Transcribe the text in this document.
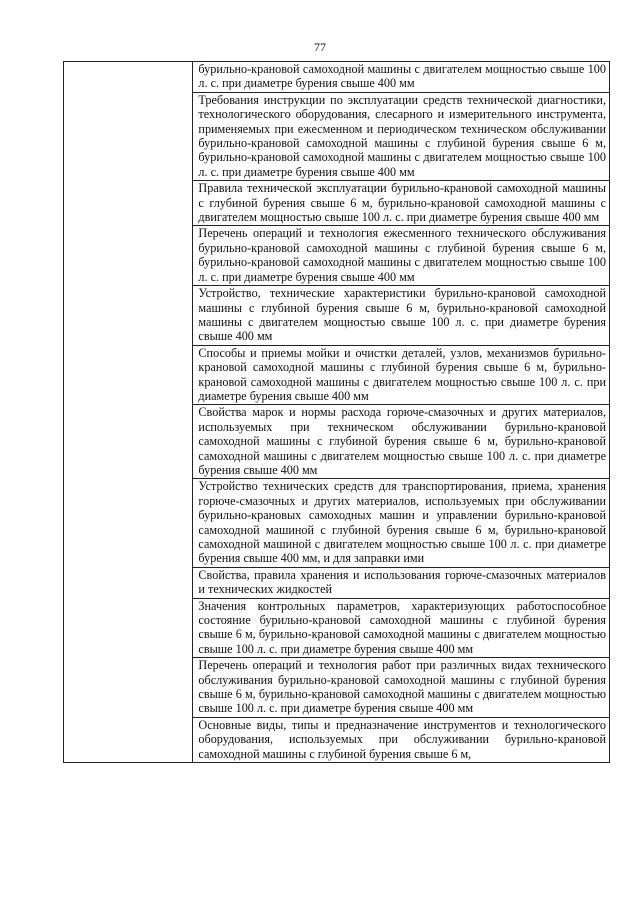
77
	бурильно-крановой самоходной машины с двигателем мощностью свыше 100 л. с. при диаметре бурения свыше 400 мм
Требования инструкции по эксплуатации средств технической диагностики, технологического оборудования, слесарного и измерительного инструмента, применяемых при ежесменном и периодическом техническом обслуживании бурильно-крановой самоходной машины с глубиной бурения свыше 6 м, бурильно-крановой самоходной машины с двигателем мощностью свыше 100 л. с. при диаметре бурения свыше 400 мм
Правила технической эксплуатации бурильно-крановой самоходной машины с глубиной бурения свыше 6 м, бурильно-крановой самоходной машины с двигателем мощностью свыше 100 л. с. при диаметре бурения свыше 400 мм
Перечень операций и технология ежесменного технического обслуживания бурильно-крановой самоходной машины с глубиной бурения свыше 6 м, бурильно-крановой самоходной машины с двигателем мощностью свыше 100 л. с. при диаметре бурения свыше 400 мм
Устройство, технические характеристики бурильно-крановой самоходной машины с глубиной бурения свыше 6 м, бурильно-крановой самоходной машины с двигателем мощностью свыше 100 л. с. при диаметре бурения свыше 400 мм
Способы и приемы мойки и очистки деталей, узлов, механизмов бурильно-крановой самоходной машины с глубиной бурения свыше 6 м, бурильно-крановой самоходной машины с двигателем мощностью свыше 100 л. с. при диаметре бурения свыше 400 мм
Свойства марок и нормы расхода горюче-смазочных и других материалов, используемых при техническом обслуживании бурильно-крановой самоходной машины с глубиной бурения свыше 6 м, бурильно-крановой самоходной машины с двигателем мощностью свыше 100 л. с. при диаметре бурения свыше 400 мм
Устройство технических средств для транспортирования, приема, хранения горюче-смазочных и других материалов, используемых при обслуживании бурильно-крановых самоходных машин и управлении бурильно-крановой самоходной машиной с глубиной бурения свыше 6 м, бурильно-крановой самоходной машиной с двигателем мощностью свыше 100 л. с. при диаметре бурения свыше 400 мм, и для заправки ими
Свойства, правила хранения и использования горюче-смазочных материалов и технических жидкостей
Значения контрольных параметров, характеризующих работоспособное состояние бурильно-крановой самоходной машины с глубиной бурения свыше 6 м, бурильно-крановой самоходной машины с двигателем мощностью свыше 100 л. с. при диаметре бурения свыше 400 мм
Перечень операций и технология работ при различных видах технического обслуживания бурильно-крановой самоходной машины с глубиной бурения свыше 6 м, бурильно-крановой самоходной машины с двигателем мощностью свыше 100 л. с. при диаметре бурения свыше 400 мм
Основные виды, типы и предназначение инструментов и технологического оборудования, используемых при обслуживании бурильно-крановой самоходной машины с глубиной бурения свыше 6 м,
